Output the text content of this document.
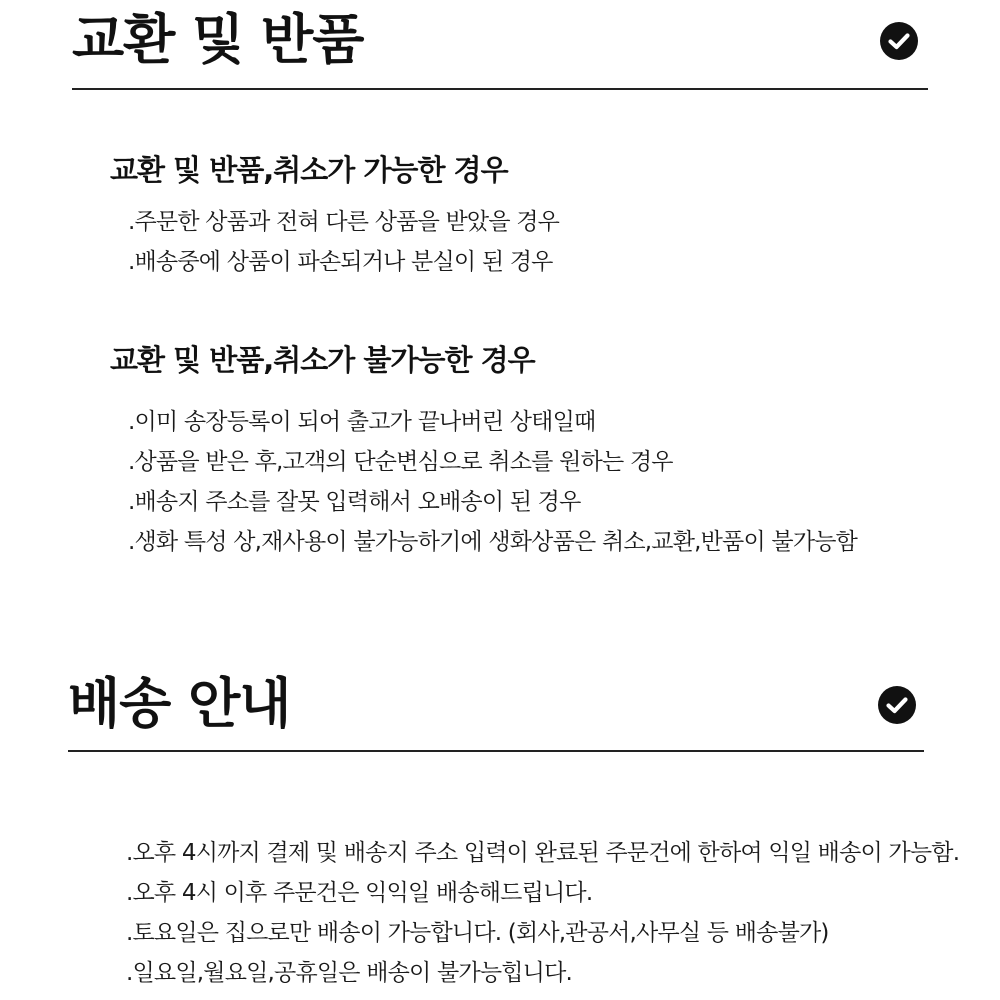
교환 및 반품
교환 및 반품,취소가 가능한 경우
.주문한 상품과 전혀 다른 상품을 받았을 경우
.배송중에 상품이 파손되거나 분실이 된 경우
교환 및 반품,취소가 불가능한 경우
.이미 송장등록이 되어 출고가 끝나버린 상태일때
.상품을 받은 후,고객의 단순변심으로 취소를 원하는 경우
.배송지 주소를 잘못 입력해서 오배송이 된 경우
.생화 특성 상,재사용이 불가능하기에 생화상품은 취소,교환,반품이 불가능함
배송 안내
.오후 4시까지 결제 및 배송지 주소 입력이 완료된 주문건에 한하여 익일 배송이 가능함.
.오후 4시 이후 주문건은 익익일 배송해드립니다.
.토요일은 집으로만 배송이 가능합니다. (회사,관공서,사무실 등 배송불가)
.일요일,월요일,공휴일은 배송이 불가능힙니다.
